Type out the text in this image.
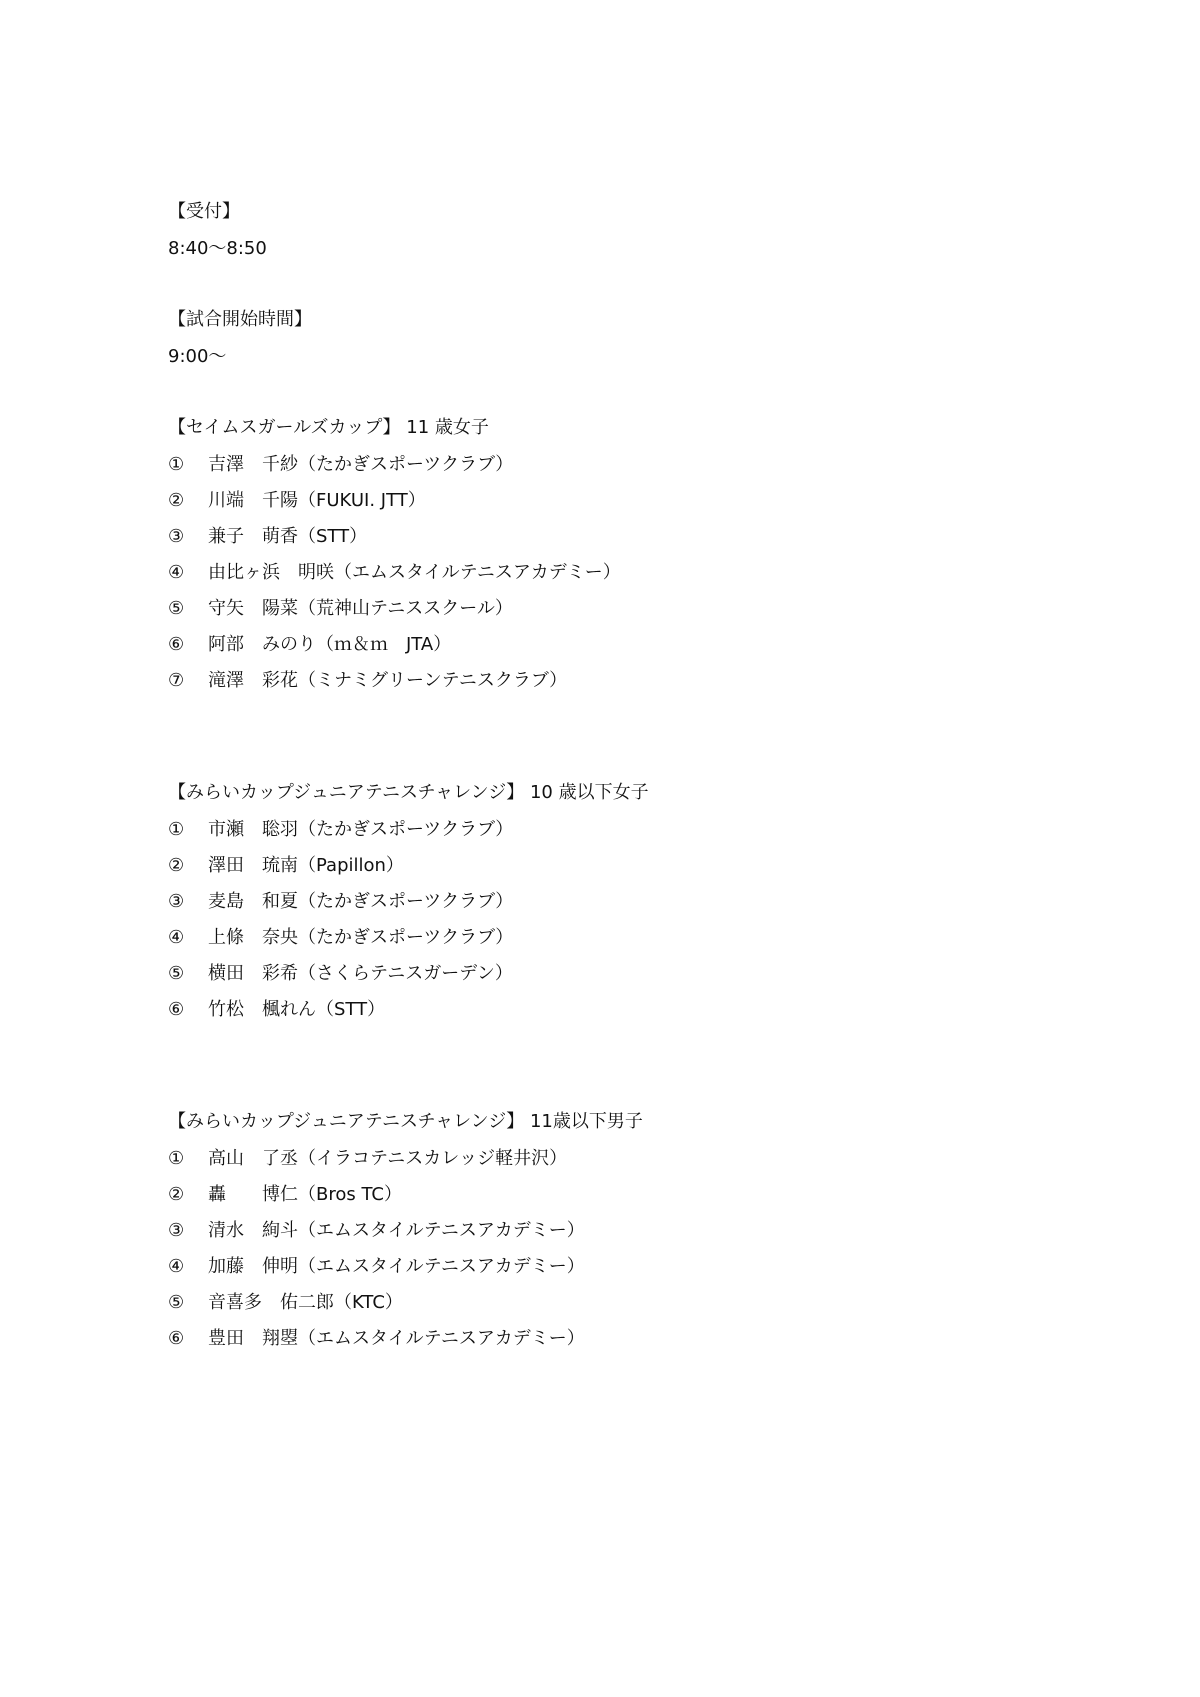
【受付】
8:40〜8:50
【試合開始時間】
9:00〜
【セイムスガールズカップ】 11 歳女子
①	吉澤　千紗 （たかぎスポーツクラブ）
②	川端　千陽 （FUKUI. JTT）
③	兼子　萌香 （STT）
④	由比ヶ浜　明咲 （エムスタイルテニスアカデミー）
⑤	守矢　陽菜 （荒神山テニススクール）
⑥	阿部　みのり （ｍ＆ｍ　JTA）
⑦	滝澤　彩花 （ミナミグリーンテニスクラブ）
【みらいカップジュニアテニスチャレンジ】 10 歳以下女子
①	市瀬　聡羽 （たかぎスポーツクラブ）
②	澤田　琉南 （Papillon）
③	麦島　和夏 （たかぎスポーツクラブ）
④	上條　奈央 （たかぎスポーツクラブ）
⑤	横田　彩希 （さくらテニスガーデン）
⑥	竹松　楓れん （STT）
【みらいカップジュニアテニスチャレンジ】 11歳以下男子
①	高山　了丞 （イラコテニスカレッジ軽井沢）
②	轟　　博仁 （Bros TC）
③	清水　絢斗 （エムスタイルテニスアカデミー）
④	加藤　伸明 （エムスタイルテニスアカデミー）
⑤	音喜多　佑二郎 （KTC）
⑥	豊田　翔曌 （エムスタイルテニスアカデミー）
